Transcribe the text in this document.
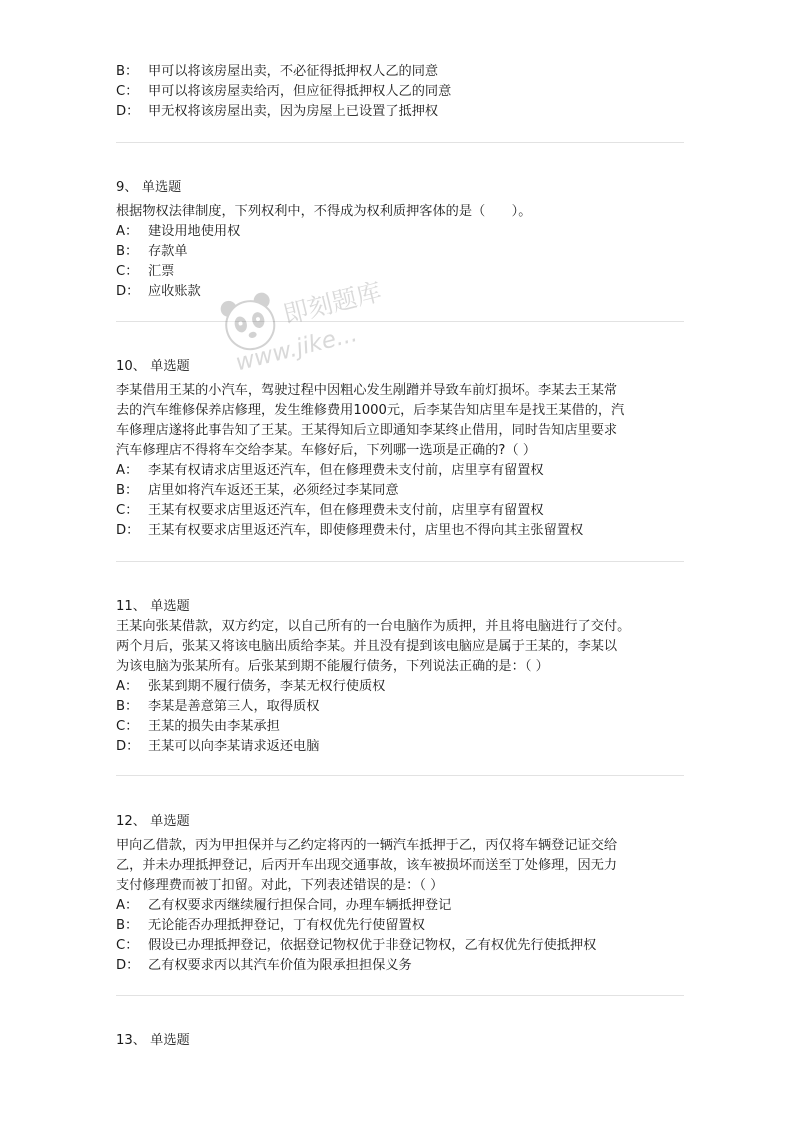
B： 甲可以将该房屋出卖，不必征得抵押权人乙的同意

C： 甲可以将该房屋卖给丙，但应征得抵押权人乙的同意

D： 甲无权将该房屋出卖，因为房屋上已设置了抵押权

9、 单选题

根据物权法律制度，下列权利中，不得成为权利质押客体的是（　　）。

A： 建设用地使用权

B： 存款单

C： 汇票

D： 应收账款

10、 单选题

李某借用王某的小汽车，驾驶过程中因粗心发生剐蹭并导致车前灯损坏。李某去王某常

去的汽车维修保养店修理，发生维修费用1000元，后李某告知店里车是找王某借的，汽

车修理店遂将此事告知了王某。王某得知后立即通知李某终止借用，同时告知店里要求

汽车修理店不得将车交给李某。车修好后，下列哪一选项是正确的?（ ）

A： 李某有权请求店里返还汽车，但在修理费未支付前，店里享有留置权

B： 店里如将汽车返还王某，必须经过李某同意

C： 王某有权要求店里返还汽车，但在修理费未支付前，店里享有留置权

D： 王某有权要求店里返还汽车，即使修理费未付，店里也不得向其主张留置权

11、 单选题

王某向张某借款，双方约定，以自己所有的一台电脑作为质押，并且将电脑进行了交付。

两个月后，张某又将该电脑出质给李某。并且没有提到该电脑应是属于王某的，李某以

为该电脑为张某所有。后张某到期不能履行债务，下列说法正确的是：（ ）

A： 张某到期不履行债务，李某无权行使质权

B： 李某是善意第三人，取得质权

C： 王某的损失由李某承担

D： 王某可以向李某请求返还电脑

12、 单选题

甲向乙借款，丙为甲担保并与乙约定将丙的一辆汽车抵押于乙，丙仅将车辆登记证交给

乙，并未办理抵押登记，后丙开车出现交通事故，该车被损坏而送至丁处修理，因无力

支付修理费而被丁扣留。对此，下列表述错误的是：（ ）

A： 乙有权要求丙继续履行担保合同，办理车辆抵押登记

B： 无论能否办理抵押登记，丁有权优先行使留置权

C： 假设已办理抵押登记，依据登记物权优于非登记物权，乙有权优先行使抵押权

D： 乙有权要求丙以其汽车价值为限承担担保义务

13、 单选题

即刻题库
www.jike...
